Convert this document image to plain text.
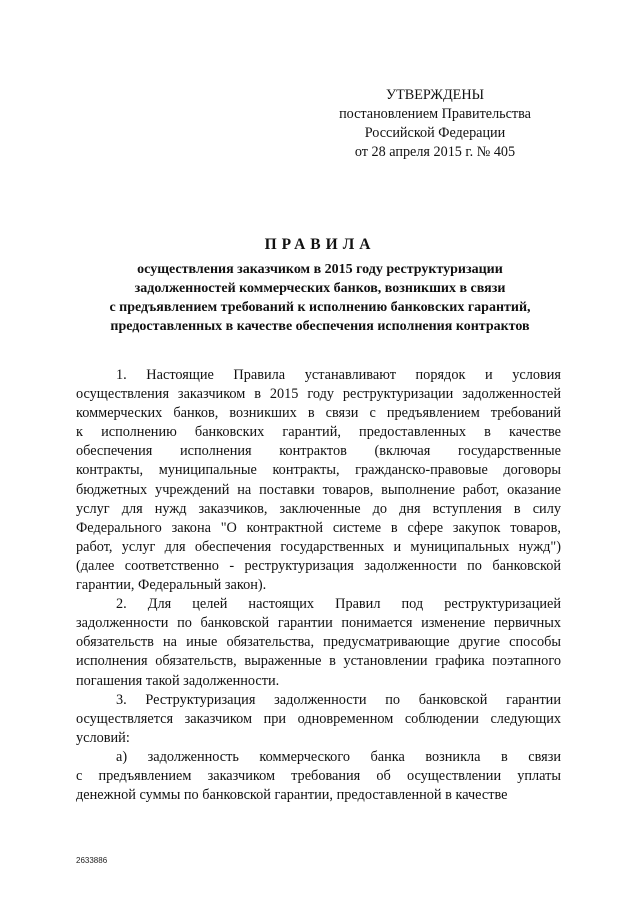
УТВЕРЖДЕНЫ
постановлением Правительства
Российской Федерации
от 28 апреля 2015 г. № 405
ПРАВИЛА
осуществления заказчиком в 2015 году реструктуризации
задолженностей коммерческих банков, возникших в связи
с предъявлением требований к исполнению банковских гарантий,
предоставленных в качестве обеспечения исполнения контрактов
1. Настоящие Правила устанавливают порядок и условия
осуществления заказчиком в 2015 году реструктуризации задолженностей
коммерческих банков, возникших в связи с предъявлением требований
к исполнению банковских гарантий, предоставленных в качестве
обеспечения исполнения контрактов (включая государственные
контракты, муниципальные контракты, гражданско-правовые договоры
бюджетных учреждений на поставки товаров, выполнение работ, оказание
услуг для нужд заказчиков, заключенные до дня вступления в силу
Федерального закона "О контрактной системе в сфере закупок товаров,
работ, услуг для обеспечения государственных и муниципальных нужд")
(далее соответственно - реструктуризация задолженности по банковской
гарантии, Федеральный закон).
2. Для целей настоящих Правил под реструктуризацией
задолженности по банковской гарантии понимается изменение первичных
обязательств на иные обязательства, предусматривающие другие способы
исполнения обязательств, выраженные в установлении графика поэтапного
погашения такой задолженности.
3. Реструктуризация задолженности по банковской гарантии
осуществляется заказчиком при одновременном соблюдении следующих
условий:
а) задолженность коммерческого банка возникла в связи
с предъявлением заказчиком требования об осуществлении уплаты
денежной суммы по банковской гарантии, предоставленной в качестве
2633886
